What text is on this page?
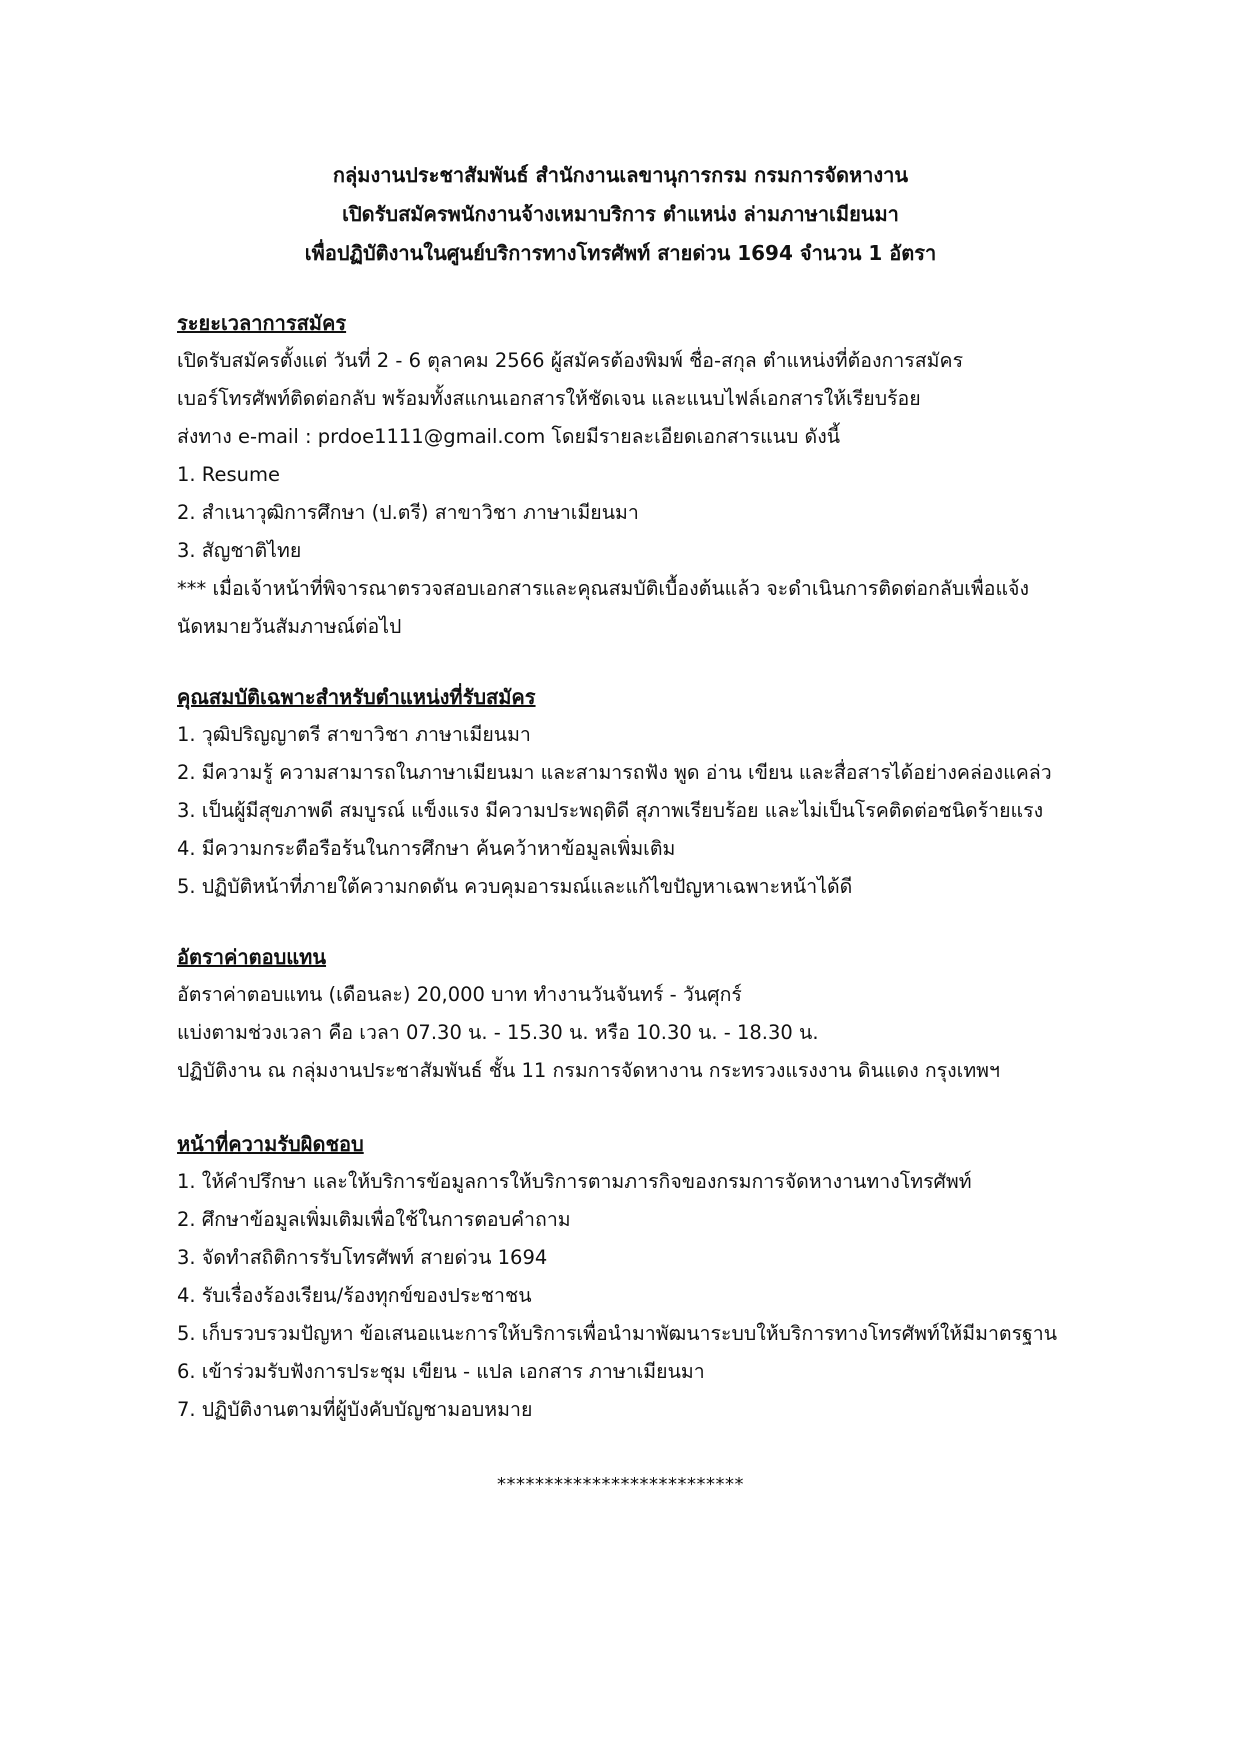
กลุ่มงานประชาสัมพันธ์ สำนักงานเลขานุการกรม กรมการจัดหางาน
เปิดรับสมัครพนักงานจ้างเหมาบริการ ตำแหน่ง ล่ามภาษาเมียนมา
เพื่อปฏิบัติงานในศูนย์บริการทางโทรศัพท์ สายด่วน 1694 จำนวน 1 อัตรา
ระยะเวลาการสมัคร
เปิดรับสมัครตั้งแต่ วันที่ 2 - 6 ตุลาคม 2566 ผู้สมัครต้องพิมพ์ ชื่อ-สกุล ตำแหน่งที่ต้องการสมัคร
เบอร์โทรศัพท์ติดต่อกลับ พร้อมทั้งสแกนเอกสารให้ชัดเจน และแนบไฟล์เอกสารให้เรียบร้อย
ส่งทาง e-mail : prdoe1111@gmail.com โดยมีรายละเอียดเอกสารแนบ ดังนี้
1. Resume
2. สำเนาวุฒิการศึกษา (ป.ตรี) สาขาวิชา ภาษาเมียนมา
3. สัญชาติไทย
*** เมื่อเจ้าหน้าที่พิจารณาตรวจสอบเอกสารและคุณสมบัติเบื้องต้นแล้ว จะดำเนินการติดต่อกลับเพื่อแจ้ง
นัดหมายวันสัมภาษณ์ต่อไป
คุณสมบัติเฉพาะสำหรับตำแหน่งที่รับสมัคร
1. วุฒิปริญญาตรี สาขาวิชา ภาษาเมียนมา
2. มีความรู้ ความสามารถในภาษาเมียนมา และสามารถฟัง พูด อ่าน เขียน และสื่อสารได้อย่างคล่องแคล่ว
3. เป็นผู้มีสุขภาพดี สมบูรณ์ แข็งแรง มีความประพฤติดี สุภาพเรียบร้อย และไม่เป็นโรคติดต่อชนิดร้ายแรง
4. มีความกระตือรือร้นในการศึกษา ค้นคว้าหาข้อมูลเพิ่มเติม
5. ปฏิบัติหน้าที่ภายใต้ความกดดัน ควบคุมอารมณ์และแก้ไขปัญหาเฉพาะหน้าได้ดี
อัตราค่าตอบแทน
อัตราค่าตอบแทน (เดือนละ) 20,000 บาท ทำงานวันจันทร์ - วันศุกร์
แบ่งตามช่วงเวลา คือ เวลา 07.30 น. - 15.30 น. หรือ 10.30 น. - 18.30 น.
ปฏิบัติงาน ณ กลุ่มงานประชาสัมพันธ์ ชั้น 11 กรมการจัดหางาน กระทรวงแรงงาน ดินแดง กรุงเทพฯ
หน้าที่ความรับผิดชอบ
1. ให้คำปรึกษา และให้บริการข้อมูลการให้บริการตามภารกิจของกรมการจัดหางานทางโทรศัพท์
2. ศึกษาข้อมูลเพิ่มเติมเพื่อใช้ในการตอบคำถาม
3. จัดทำสถิติการรับโทรศัพท์ สายด่วน 1694
4. รับเรื่องร้องเรียน/ร้องทุกข์ของประชาชน
5. เก็บรวบรวมปัญหา ข้อเสนอแนะการให้บริการเพื่อนำมาพัฒนาระบบให้บริการทางโทรศัพท์ให้มีมาตรฐาน
6. เข้าร่วมรับฟังการประชุม เขียน - แปล เอกสาร ภาษาเมียนมา
7. ปฏิบัติงานตามที่ผู้บังคับบัญชามอบหมาย
**************************
